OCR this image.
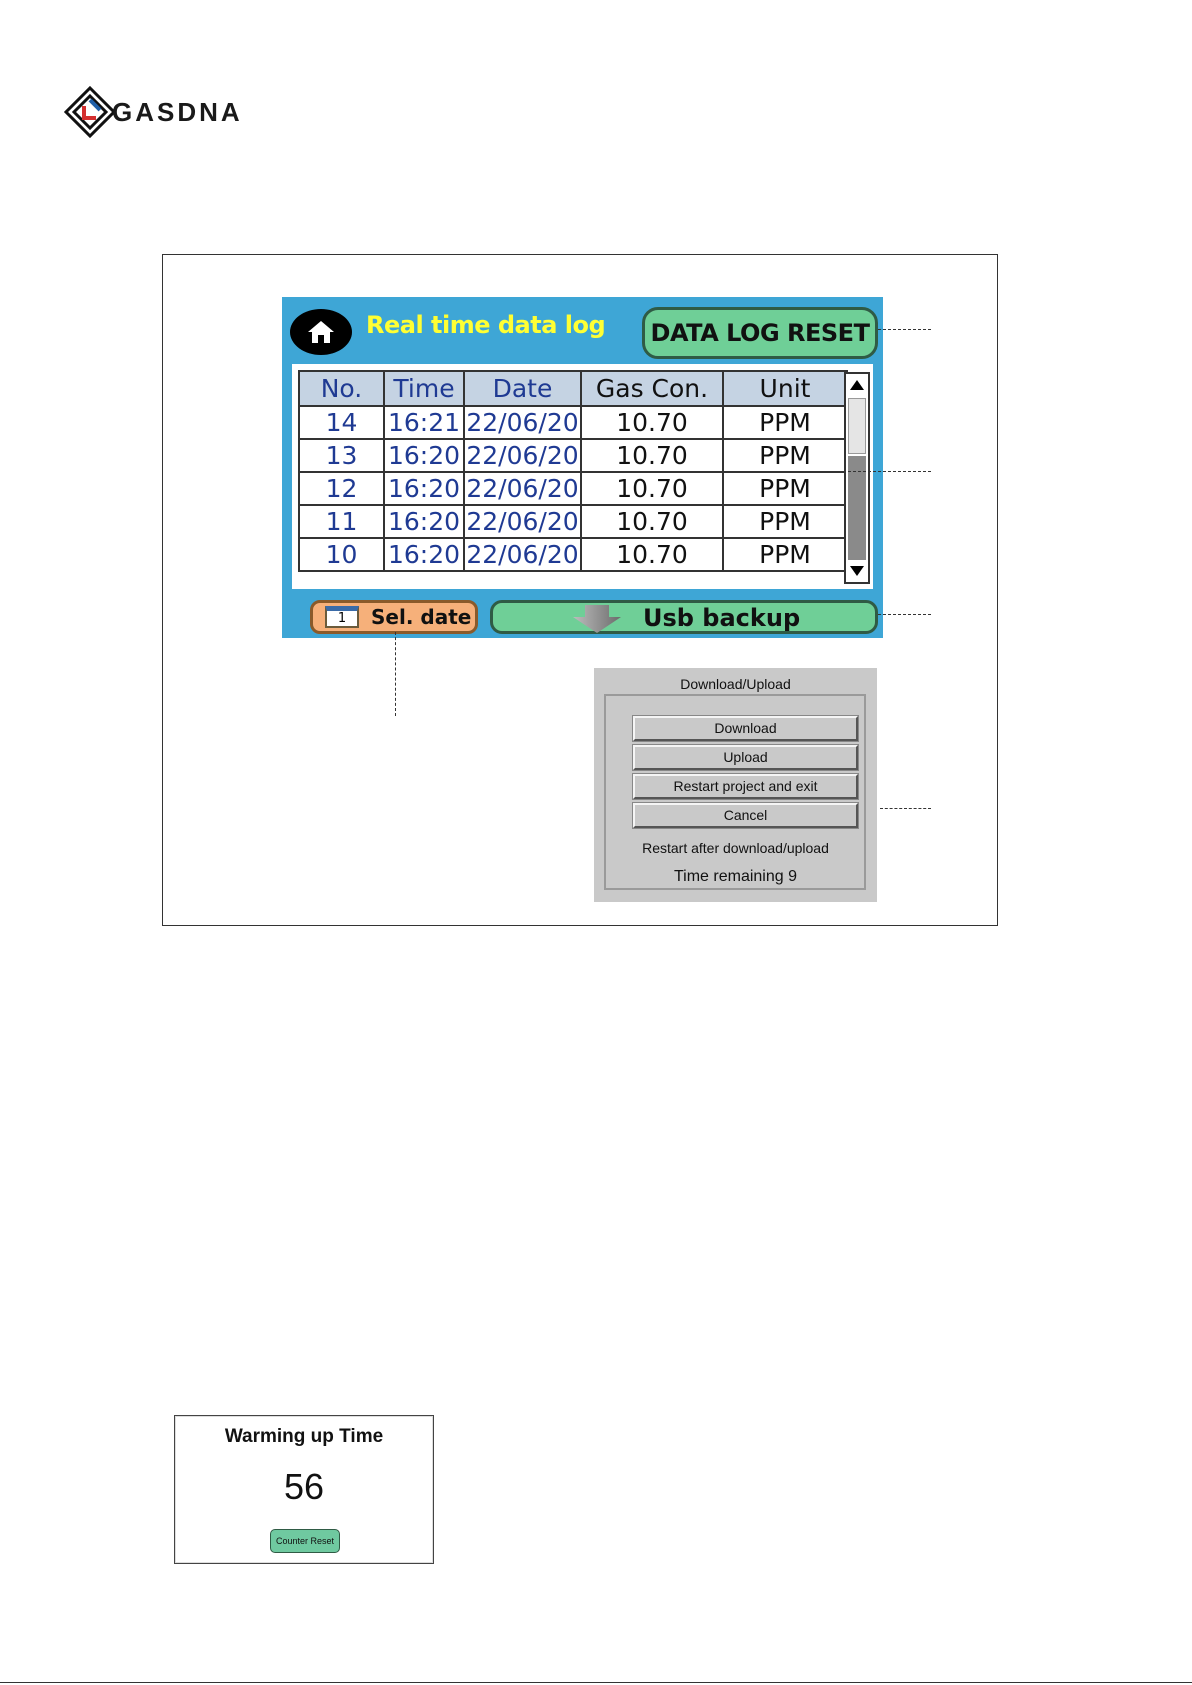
GASDNA
Real time data log	DATA LOG RESET
No.	Time	Date	Gas Con.	Unit
14	16:21	22/06/20	10.70	PPM
13	16:20	22/06/20	10.70	PPM
12	16:20	22/06/20	10.70	PPM
11	16:20	22/06/20	10.70	PPM
10	16:20	22/06/20	10.70	PPM
1	Sel. date	Usb backup
Download/Upload
Download
Upload
Restart project and exit
Cancel
Restart after download/upload
Time remaining 9
Warming up Time
56
Counter Reset
